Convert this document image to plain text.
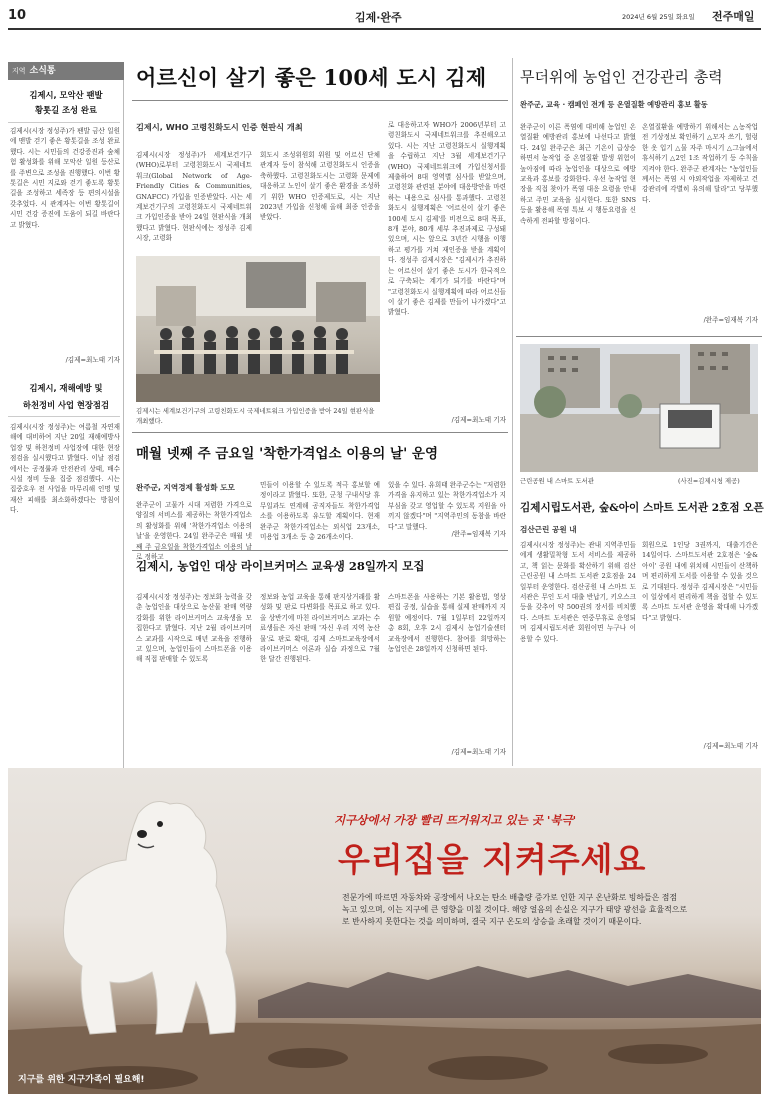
10	김제·완주	2024년 6월 25일 화요일 전주매일
지역 소식통
김제시, 모악산 팬발
황톳길 조성 완료
김제시(시장 정성주)가 팬발 금산 일원에 맨발 걷기 좋은 황톳길을 조성 완료했다. 시는 시민들의 건강증진과 숲체험 활성화를 위해 모악산 일원 등산로를 주변으로 조성을 진행했다. 이번 황톳길은 시민 지로와 걷기 좋도록 황톳길을 조성하고 세족장 등 편의시설을 갖추었다. 시 관계자는 이번 황톳길이 시민 건강 증진에 도움이 되길 바란다고 밝혔다.
/김제=최노태 기자
김제시, 재해예방 및
하천정비 사업 현장점검
김제시(시장 정성주)는 여름철 자연재해에 대비하여 지난 20일 재해예방사업장 및 하천정비 사업장에 대한 현장점검을 실시했다고 밝혔다. 이날 점검에서는 공정률과 안전관리 상태, 배수시설 정비 등을 집중 점검했다. 시는 집중호우 전 사업을 마무리해 인명 및 재산 피해를 최소화하겠다는 방침이다.
어르신이 살기 좋은 100세 도시 김제
김제시, WHO 고령친화도시 인증 현판식 개최
김제시(시장 정성주)가 세계보건기구(WHO)로부터 고령친화도시 국제네트워크(Global Network of Age-Friendly Cities & Communities, GNAFCC) 가입을 인증받았다. 시는 세계보건기구의 고령친화도시 국제네트워크 가입인증을 받아 24일 현판식을 개최했다고 밝혔다. 현판식에는 정성주 김제시장, 고령화
회도시 조성위원회 위원 및 어르신 단체 관계자 등이 참석해 고령친화도시 인증을 축하했다. 고령친화도시는 고령화 문제에 대응하고 노인이 살기 좋은 환경을 조성하기 위한 WHO 인증제도로, 시는 지난 2023년 가입을 신청해 올해 최종 인증을 받았다.
김제시는 세계보건기구의 고령친화도시 국제네트워크 가입인증을 받아 24일 현판식을 개최했다.
로 대응하고자 WHO가 2006년부터 고령친화도시 국제네트워크를 추진해오고 있다. 시는 지난 고령친화도시 실행계획을 수립하고 지난 3월 세계보건기구(WHO) 국제네트워크에 가입신청서를 제출하여 8대 영역별 심사를 받았으며, 고령친화 관련된 분야에 대응방안을 마련하는 내용으로 심사를 통과했다. 고령친화도시 실행계획은 '어르신이 살기 좋은 100세 도시 김제'를 비전으로 8대 목표, 8개 분야, 80개 세부 추진과제로 구성돼 있으며, 시는 앞으로 3년간 시행을 이행하고 평가를 거쳐 재인증을 받을 계획이다. 정성주 김제시장은 "김제시가 추진하는 어르신이 살기 좋은 도시가 한국적으로 구축되는 계기가 되기를 바란다"며 "고령친화도시 실행계획에 따라 어르신들이 살기 좋은 김제를 만들어 나가겠다"고 밝혔다.
/김제=최노태 기자
매월 넷째 주 금요일 '착한가격업소 이용의 날' 운영
완주군, 지역경제 활성화 도모
완주군이 고물가 시대 저렴한 가격으로 양질의 서비스를 제공하는 착한가격업소의 활성화를 위해 '착한가격업소 이용의 날'을 운영한다. 24일 완주군은 매월 넷째 주 금요일을 착한가격업소 이용의 날로 정하고
민들이 이용할 수 있도록 적극 홍보할 예정이라고 밝혔다. 또한, 군청 구내식당 휴무일과도 연계해 공직자들도 착한가격업소를 이용하도록 유도할 계획이다. 현재 완주군 착한가격업소는 외식업 23개소, 미용업 3개소 등 총 26개소이다.
있을 수 있다. 유희태 완주군수는 "저렴한 가격을 유지하고 있는 착한가격업소가 지부심을 갖고 영업할 수 있도록 지원을 아끼지 않겠다"며 "지역주민의 동참을 바란다"고 말했다.
/완주=임재복 기자
김제시, 농업인 대상 라이브커머스 교육생 28일까지 모집
김제시(시장 정성주)는 정보화 능력을 갖춘 농업인을 대상으로 농산물 판매 역량 강화를 위한 라이브커머스 교육생을 모집한다고 밝혔다. 지난 2월 라이브커머스 교과를 시작으로 매년 교육을 진행하고 있으며, 농업인들이 스마트폰을 이용해 직접 판매할 수 있도록
정보와 농업 교육을 통해 판지상거래를 활성화 및 판로 다변화를 목표로 하고 있다. 올 상반기에 마친 라이브커머스 교과는 수료생들은 자신 판매 '자신 우리 지역 농산물'로 판로 확대, 김제 스마트교육장에서 라이브커머스 이론과 실습 과정으로 7월 한 달간 진행된다.
스마트폰을 사용하는 기본 활용법, 영상 편집 공정, 실습을 통해 실제 판매까지 지원할 예정이다. 7월 1일부터 22일까지 총 8회, 오후 2시 김제시 농업기술센터 교육장에서 진행한다. 참여를 희망하는 농업인은 28일까지 신청하면 된다.
/김제=최노태 기자
무더위에 농업인 건강관리 총력
완주군, 교육 · 캠페인 전개 등 온열질환 예방관리 홍보 활동
완주군이 이른 폭염에 대비해 농업인 온열질환 예방관리 홍보에 나선다고 밝혔다. 24일 완주군은 최근 기온이 급상승하면서 농작업 중 온열질환 발생 위험이 높아짐에 따라 농업인을 대상으로 예방 교육과 홍보를 강화한다. 우선 농작업 현장을 직접 찾아가 폭염 대응 요령을 안내하고 주민 교육을 실시한다. 또한 SNS 등을 활용해 폭염 특보 시 행동요령을 신속하게 전파할 방침이다.
온열질환을 예방하기 위해서는 △농작업 전 기상정보 확인하기 △모자 쓰기, 헐렁한 옷 입기 △물 자주 마시기 △그늘에서 휴식하기 △2인 1조 작업하기 등 수칙을 지켜야 한다. 완주군 관계자는 "농업인들께서는 폭염 시 야외작업을 자제하고 건강관리에 각별히 유의해 달라"고 당부했다.
/완주=임재복 기자
근린공원 내 스마트 도서관	(사진=김제시청 제공)
김제시립도서관, 숲&아이 스마트 도서관 2호점 오픈
검산근린 공원 내
김제시(시장 정성주)는 관내 지역주민들에게 생활밀착형 도서 서비스를 제공하고, 책 읽는 문화를 확산하기 위해 검산 근린공원 내 스마트 도서관 2호점을 24일부터 운영한다. 검산공원 내 스마트 도서관은 무인 도서 대출 반납기, 키오스크 등을 갖추어 약 500권의 장서를 비치했다. 스마트 도서관은 연중무휴로 운영되며 김제시립도서관 회원이면 누구나 이용할 수 있다.
회원으로 1인당 3권까지, 대출기간은 14일이다. 스마트도서관 2호점은 '숲&아이' 공원 내에 위치해 시민들이 산책하며 편리하게 도서를 이용할 수 있을 것으로 기대된다. 정성주 김제시장은 "시민들이 일상에서 편리하게 책을 접할 수 있도록 스마트 도서관 운영을 확대해 나가겠다"고 밝혔다.
/김제=최노태 기자
지구상에서 가장 빨리 뜨거워지고 있는 곳 '북극'
우리집을 지켜주세요
전문가에 따르면 자동차와 공장에서 나오는 탄소 배출량 증가로 인한 지구 온난화로 빙하들은 점점
녹고 있으며, 이는 지구에 큰 영향을 미칠 것이다. 해양 얼음의 손실은 지구가 태양 광선을 효율적으로
로 반사하지 못한다는 것을 의미하며, 결국 지구 온도의 상승을 초래할 것이기 때문이다.
지구를 위한 지구가족이 필요해!
